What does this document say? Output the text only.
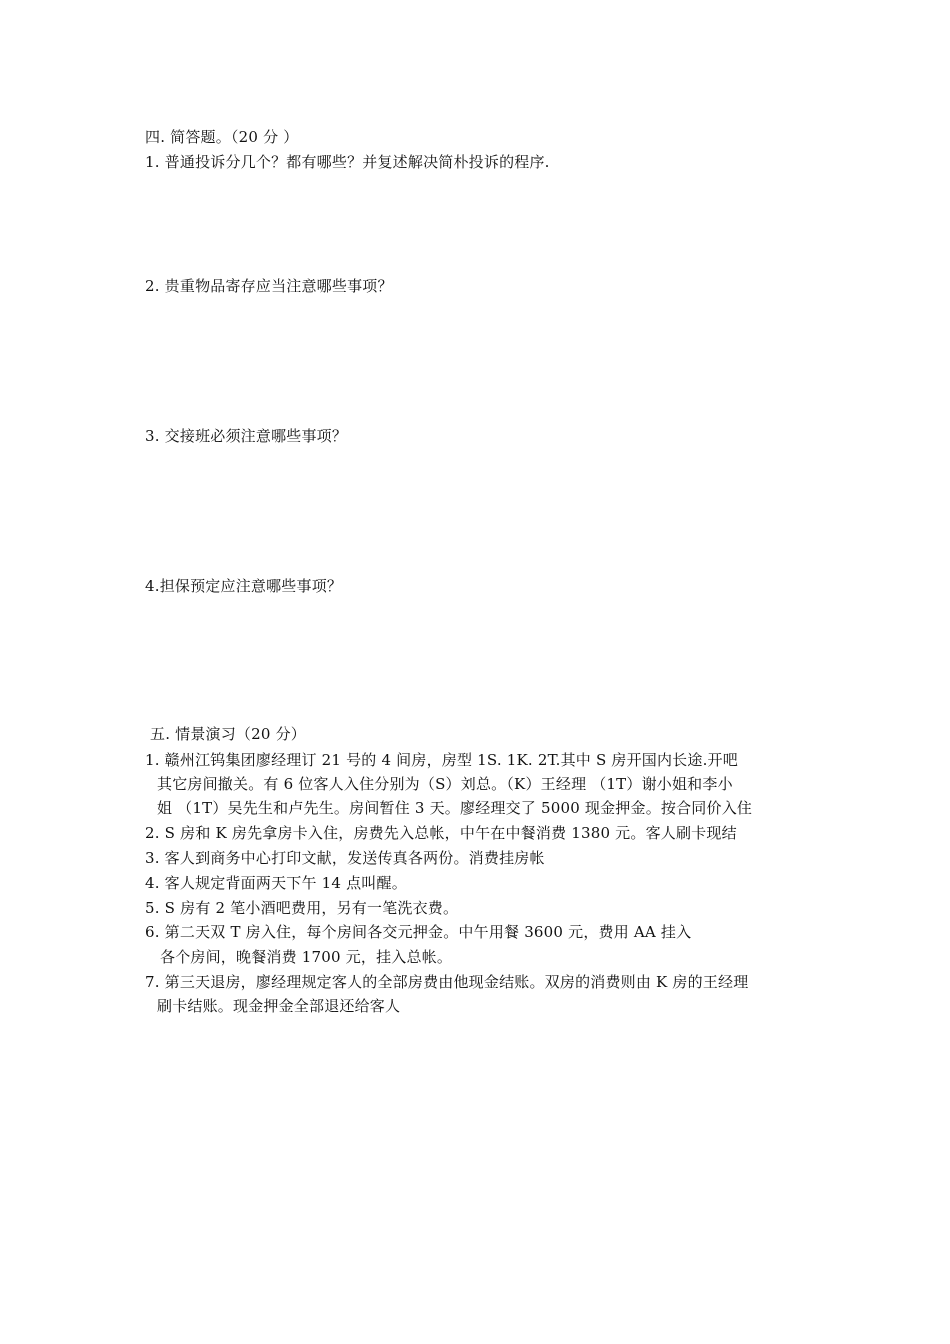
四. 简答题。（20 分 ）
1. 普通投诉分几个？都有哪些？并复述解决简朴投诉的程序.
2. 贵重物品寄存应当注意哪些事项？
3. 交接班必须注意哪些事项？
4.担保预定应注意哪些事项？
五. 情景演习（20 分）
1. 赣州江钨集团廖经理订 21 号的 4 间房，房型 1S. 1K. 2T.其中 S 房开国内长途.开吧
其它房间撤关。有 6 位客人入住分别为（S）刘总。（K）王经理 （1T）谢小姐和李小
姐 （1T）吴先生和卢先生。房间暂住 3 天。廖经理交了 5000 现金押金。按合同价入住
2. S 房和 K 房先拿房卡入住，房费先入总帐，中午在中餐消费 1380 元。客人刷卡现结
3. 客人到商务中心打印文献，发送传真各两份。消费挂房帐
4. 客人规定背面两天下午 14 点叫醒。
5. S 房有 2 笔小酒吧费用，另有一笔洗衣费。
6. 第二天双 T 房入住，每个房间各交元押金。中午用餐 3600 元，费用 AA 挂入
各个房间，晚餐消费 1700 元，挂入总帐。
7. 第三天退房，廖经理规定客人的全部房费由他现金结账。双房的消费则由 K 房的王经理
刷卡结账。现金押金全部退还给客人
